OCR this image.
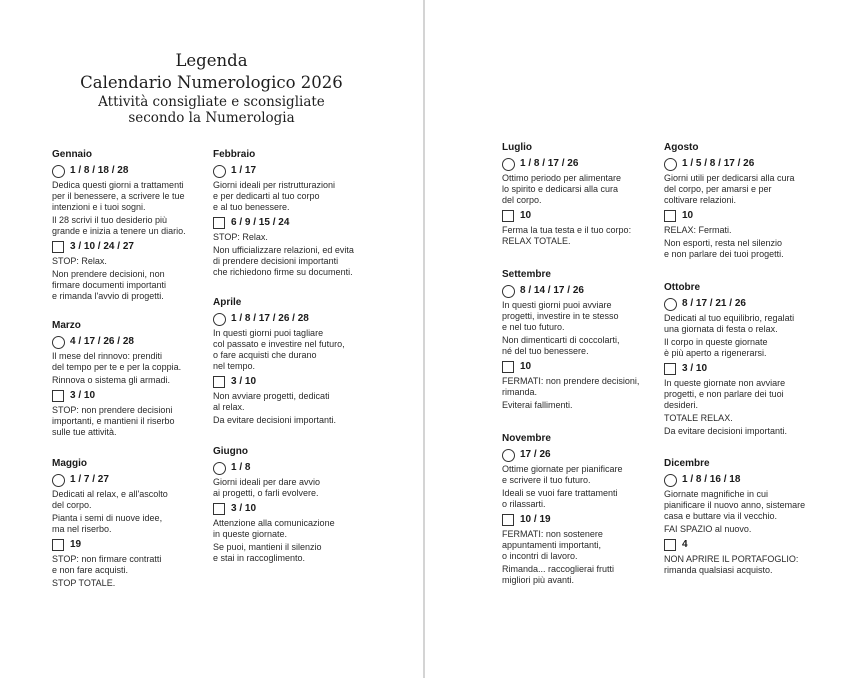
Legenda
Calendario Numerologico 2026
Attività consigliate e sconsigliate
secondo la Numerologia
Gennaio
1 / 8 / 18 / 28
Dedica questi giorni a trattamenti
per il benessere, a scrivere le tue
intenzioni e i tuoi sogni.
Il 28 scrivi il tuo desiderio più
grande e inizia a tenere un diario.
3 / 10 / 24 / 27
STOP: Relax.
Non prendere decisioni, non
firmare documenti importanti
e rimanda l'avvio di progetti.
Febbraio
1 / 17
Giorni ideali per ristrutturazioni
e per dedicarti al tuo corpo
e al tuo benessere.
6 / 9 / 15 / 24
STOP: Relax.
Non ufficializzare relazioni, ed evita
di prendere decisioni importanti
che richiedono firme su documenti.
Marzo
4 / 17 / 26 / 28
Il mese del rinnovo: prenditi
del tempo per te e per la coppia.
Rinnova o sistema gli armadi.
3 / 10
STOP: non prendere decisioni
importanti, e mantieni il riserbo
sulle tue attività.
Aprile
1 / 8 / 17 / 26 / 28
In questi giorni puoi tagliare
col passato e investire nel futuro,
o fare acquisti che durano
nel tempo.
3 / 10
Non avviare progetti, dedicati
al relax.
Da evitare decisioni importanti.
Maggio
1 / 7 / 27
Dedicati al relax, e all'ascolto
del corpo.
Pianta i semi di nuove idee,
ma nel riserbo.
19
STOP: non firmare contratti
e non fare acquisti.
STOP TOTALE.
Giugno
1 / 8
Giorni ideali per dare avvio
ai progetti, o farli evolvere.
3 / 10
Attenzione alla comunicazione
in queste giornate.
Se puoi, mantieni il silenzio
e stai in raccoglimento.
Luglio
1 / 8 / 17 / 26
Ottimo periodo per alimentare
lo spirito e dedicarsi alla cura
del corpo.
10
Ferma la tua testa e il tuo corpo:
RELAX TOTALE.
Agosto
1 / 5 / 8 / 17 / 26
Giorni utili per dedicarsi alla cura
del corpo, per amarsi e per
coltivare relazioni.
10
RELAX: Fermati.
Non esporti, resta nel silenzio
e non parlare dei tuoi progetti.
Settembre
8 / 14 / 17 / 26
In questi giorni puoi avviare
progetti, investire in te stesso
e nel tuo futuro.
Non dimenticarti di coccolarti,
né del tuo benessere.
10
FERMATI: non prendere decisioni,
rimanda.
Eviterai fallimenti.
Ottobre
8 / 17 / 21 / 26
Dedicati al tuo equilibrio, regalati
una giornata di festa o relax.
Il corpo in queste giornate
è più aperto a rigenerarsi.
3 / 10
In queste giornate non avviare
progetti, e non parlare dei tuoi
desideri.
TOTALE RELAX.
Da evitare decisioni importanti.
Novembre
17 / 26
Ottime giornate per pianificare
e scrivere il tuo futuro.
Ideali se vuoi fare trattamenti
o rilassarti.
10 / 19
FERMATI: non sostenere
appuntamenti importanti,
o incontri di lavoro.
Rimanda... raccoglierai frutti
migliori più avanti.
Dicembre
1 / 8 / 16 / 18
Giornate magnifiche in cui
pianificare il nuovo anno, sistemare
casa e buttare via il vecchio.
FAI SPAZIO al nuovo.
4
NON APRIRE IL PORTAFOGLIO:
rimanda qualsiasi acquisto.
